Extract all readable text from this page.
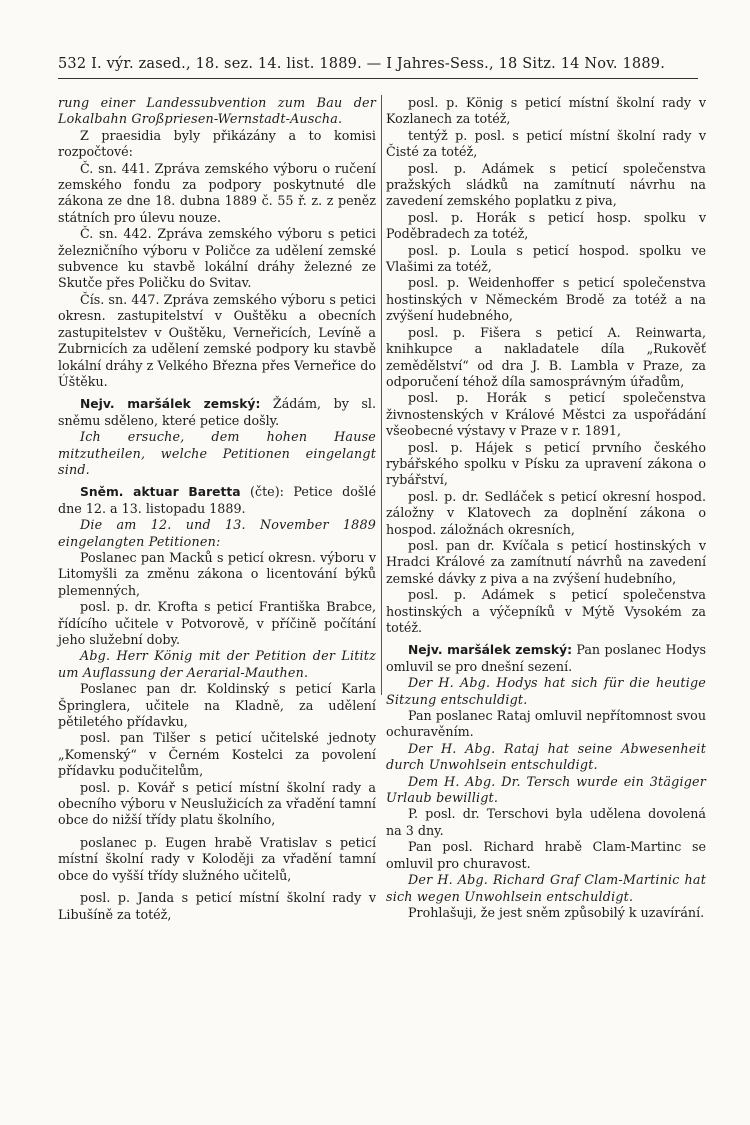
532 I. výr. zased., 18. sez. 14. list. 1889. — I Jahres-Sess., 18 Sitz. 14 Nov. 1889.

rung einer Landessubvention zum Bau der Lokalbahn Großpriesen-Wernstadt-Auscha.

Z praesidia byly přikázány a to komisi rozpočtové:

Č. sn. 441. Zpráva zemského výboru o ručení zemského fondu za podpory poskytnuté dle zákona ze dne 18. dubna 1889 č. 55 ř. z. z peněz státních pro úlevu nouze.

Č. sn. 442. Zpráva zemského výboru s petici železničního výboru v Poličce za udělení zemské subvence ku stavbě lokální dráhy železné ze Skutče přes Poličku do Svitav.

Čís. sn. 447. Zpráva zemského výboru s petici okresn. zastupitelství v Ouštěku a obecních zastupitelstev v Ouštěku, Verneřicích, Levíně a Zubrnicích za udělení zemské podpory ku stavbě lokální dráhy z Velkého Března přes Verneřice do Úštěku.

Nejv. maršálek zemský: Žádám, by sl. sněmu sděleno, které petice došly.

Ich ersuche, dem hohen Hause mitzutheilen, welche Petitionen eingelangt sind.

Sněm. aktuar Baretta (čte): Petice došlé dne 12. a 13. listopadu 1889.

Die am 12. und 13. November 1889 eingelangten Petitionen:

Poslanec pan Macků s peticí okresn. výboru v Litomyšli za změnu zákona o licentování býků plemenných,

posl. p. dr. Krofta s peticí Františka Brabce, řídícího učitele v Potvorově, v příčině počítání jeho služební doby.

Abg. Herr König mit der Petition der Lititz um Auflassung der Aerarial-Mauthen.

Poslanec pan dr. Koldinský s peticí Karla Špringlera, učitele na Kladně, za udělení pětiletého přídavku,

posl. pan Tilšer s peticí učitelské jednoty „Komenský“ v Černém Kostelci za povolení přídavku podučitelům,

posl. p. Kovář s peticí místní školní rady a obecního výboru v Neuslužicích za vřadění tamní obce do nižší třídy platu školního,

poslanec p. Eugen hrabě Vratislav s peticí místní školní rady v Koloději za vřadění tamní obce do vyšší třídy služného učitelů,

posl. p. Janda s peticí místní školní rady v Libušíně za totéž,

posl. p. König s peticí místní školní rady v Kozlanech za totéž,

tentýž p. posl. s peticí místní školní rady v Čisté za totéž,

posl. p. Adámek s peticí společenstva pražských sládků na zamítnutí návrhu na zavedení zemského poplatku z piva,

posl. p. Horák s peticí hosp. spolku v Poděbradech za totéž,

posl. p. Loula s peticí hospod. spolku ve Vlašimi za totéž,

posl. p. Weidenhoffer s peticí společenstva hostinských v Německém Brodě za totéž a na zvýšení hudebného,

posl. p. Fišera s peticí A. Reinwarta, knihkupce a nakladatele díla „Rukověť zemědělství“ od dra J. B. Lambla v Praze, za odporučení téhož díla samosprávným úřadům,

posl. p. Horák s peticí společenstva živnostenských v Králové Městci za uspořádání všeobecné výstavy v Praze v r. 1891,

posl. p. Hájek s peticí prvního českého rybářského spolku v Písku za upravení zákona o rybářství,

posl. p. dr. Sedláček s peticí okresní hospod. záložny v Klatovech za doplnění zákona o hospod. záložnách okresních,

posl. pan dr. Kvíčala s peticí hostinských v Hradci Králové za zamítnutí návrhů na zavedení zemské dávky z piva a na zvýšení hudebního,

posl. p. Adámek s peticí společenstva hostinských a výčepníků v Mýtě Vysokém za totéž.

Nejv. maršálek zemský: Pan poslanec Hodys omluvil se pro dnešní sezení.

Der H. Abg. Hodys hat sich für die heutige Sitzung entschuldigt.

Pan poslanec Rataj omluvil nepřítomnost svou ochuravěním.

Der H. Abg. Rataj hat seine Abwesenheit durch Unwohlsein entschuldigt.

Dem H. Abg. Dr. Tersch wurde ein 3tägiger Urlaub bewilligt.

P. posl. dr. Terschovi byla udělena dovolená na 3 dny.

Pan posl. Richard hrabě Clam-Martinc se omluvil pro churavost.

Der H. Abg. Richard Graf Clam-Martinic hat sich wegen Unwohlsein entschuldigt.

Prohlašuji, že jest sněm způsobilý k uzavírání.
